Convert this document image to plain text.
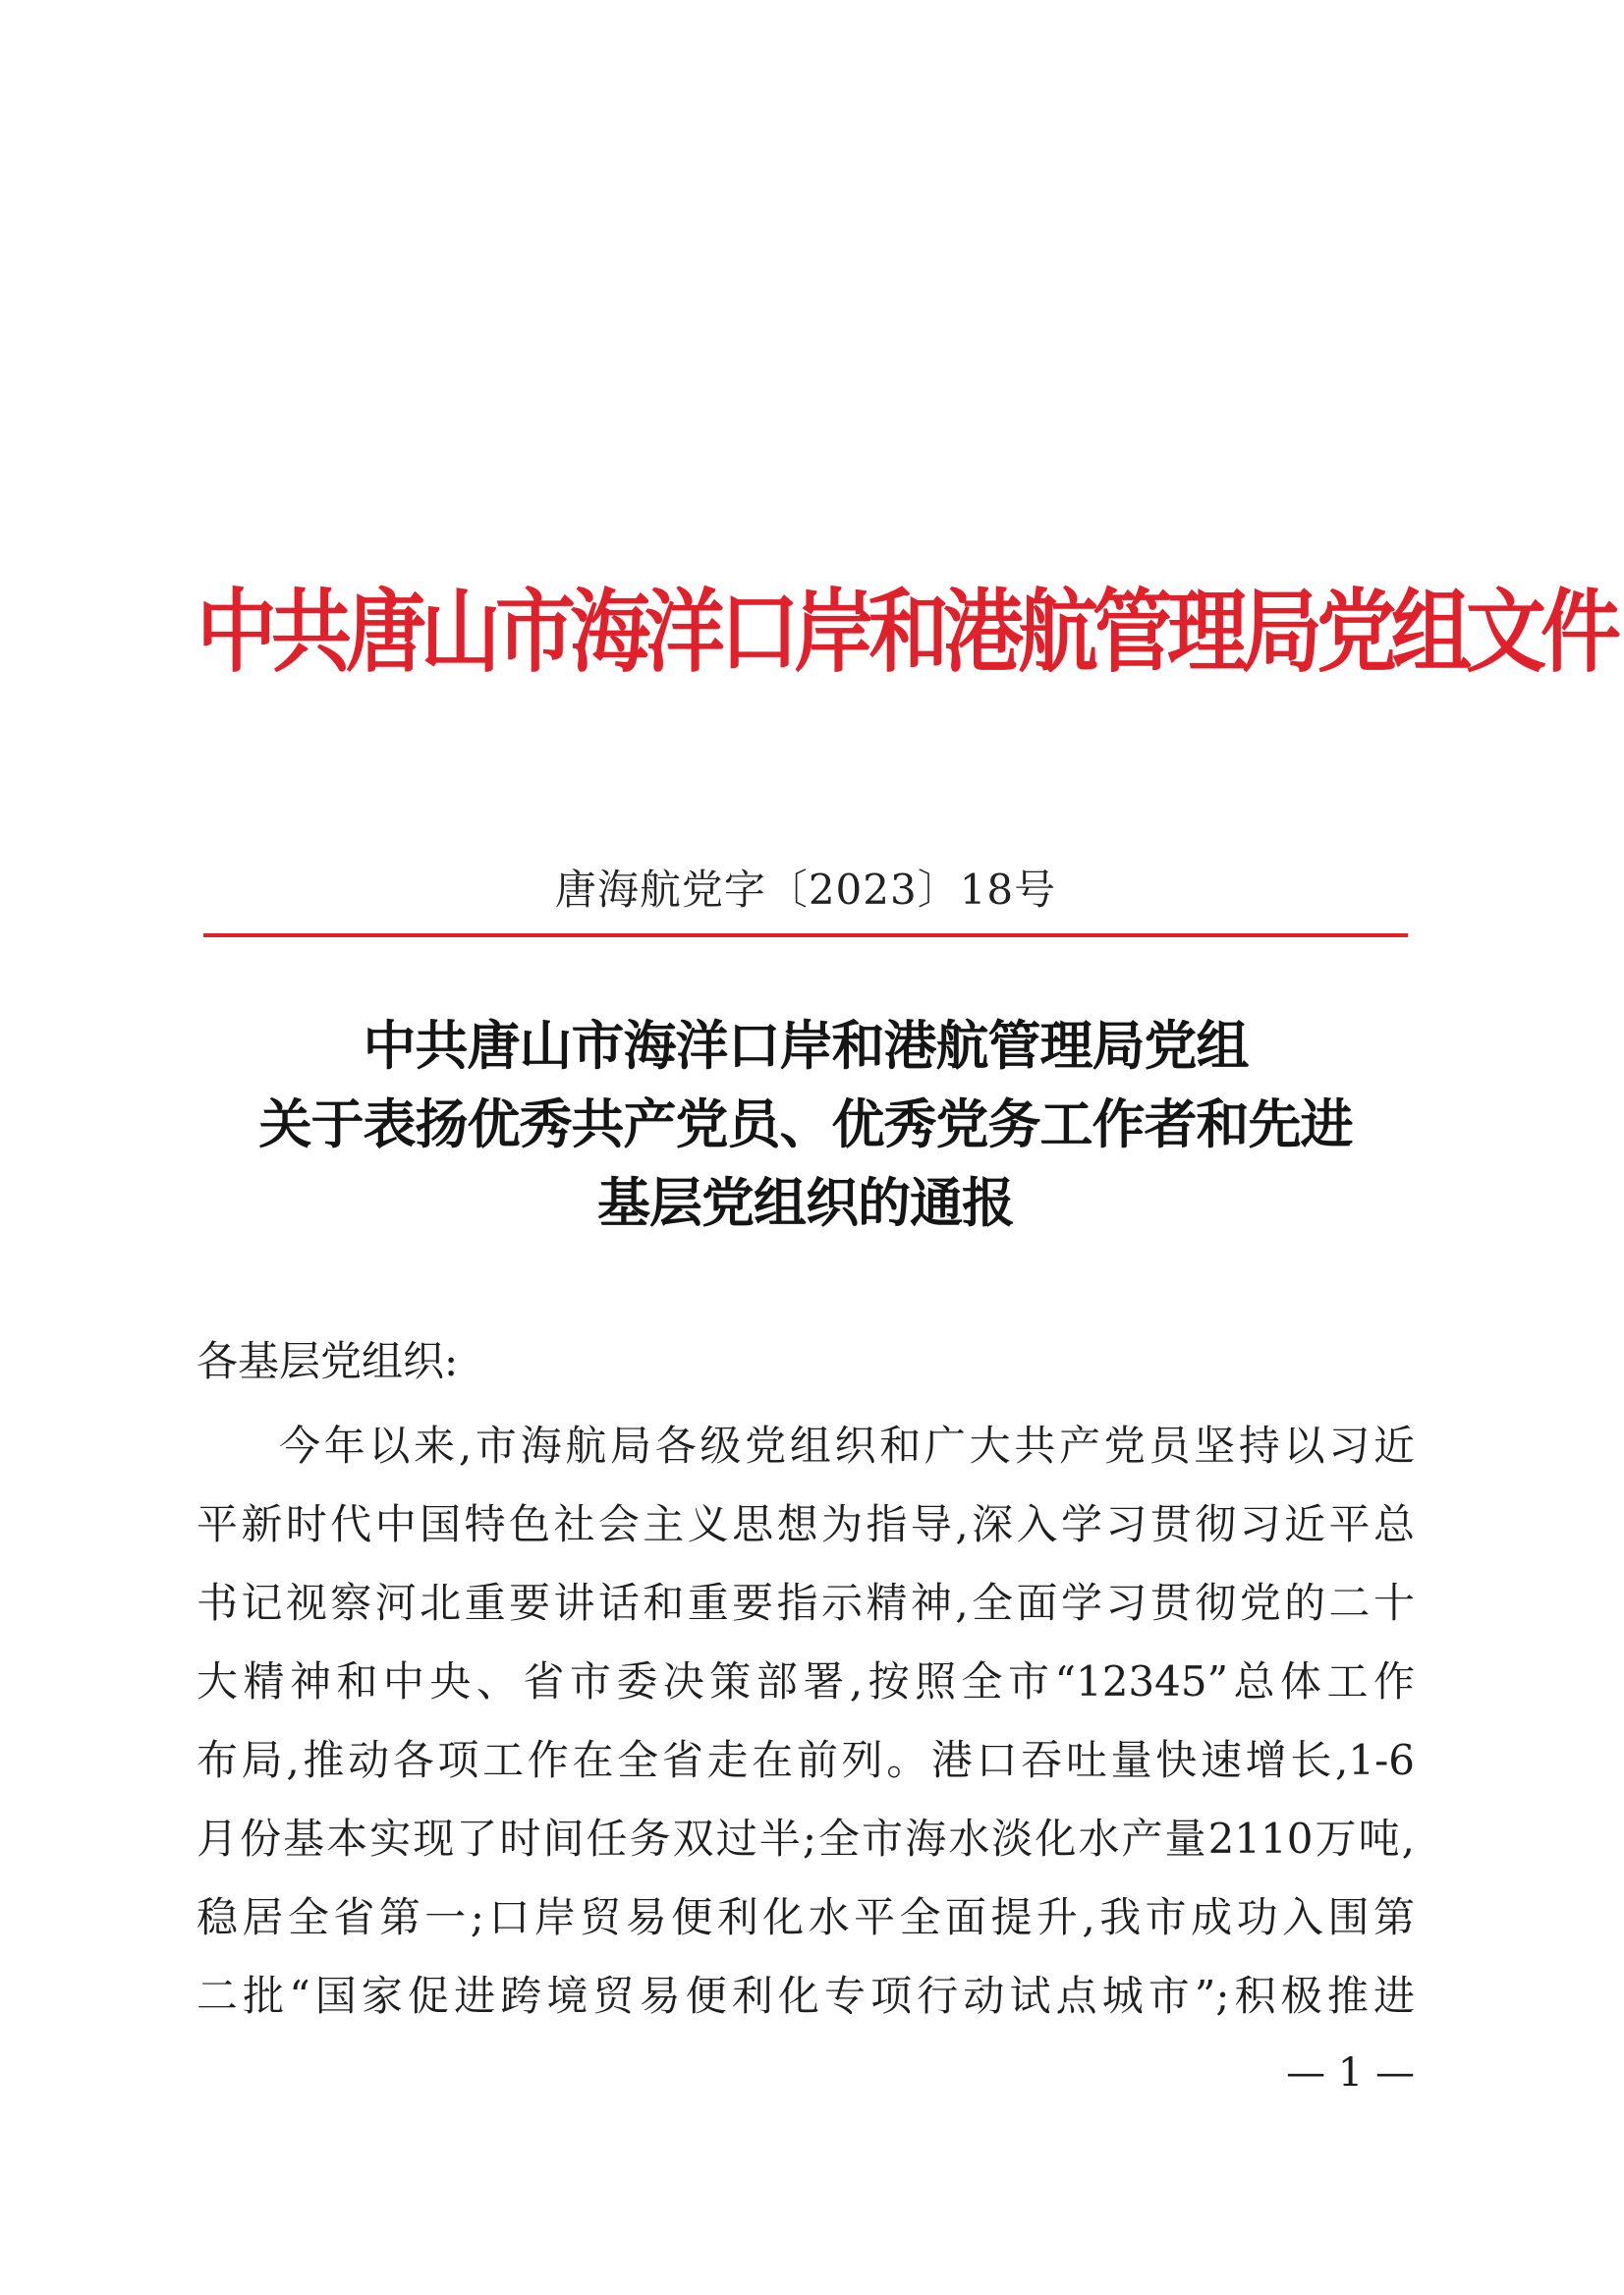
中共唐山市海洋口岸和港航管理局党组文件
唐海航党字〔2023〕18号
中共唐山市海洋口岸和港航管理局党组
关于表扬优秀共产党员、优秀党务工作者和先进
基层党组织的通报
各基层党组织:
今年以来,市海航局各级党组织和广大共产党员坚持以习近
平新时代中国特色社会主义思想为指导,深入学习贯彻习近平总
书记视察河北重要讲话和重要指示精神,全面学习贯彻党的二十
大精神和中央、省市委决策部署,按照全市“12345”总体工作
布局,推动各项工作在全省走在前列。港口吞吐量快速增长,1-6
月份基本实现了时间任务双过半;全市海水淡化水产量2110万吨,
稳居全省第一;口岸贸易便利化水平全面提升,我市成功入围第
二批“国家促进跨境贸易便利化专项行动试点城市”;积极推进
— 1 —
